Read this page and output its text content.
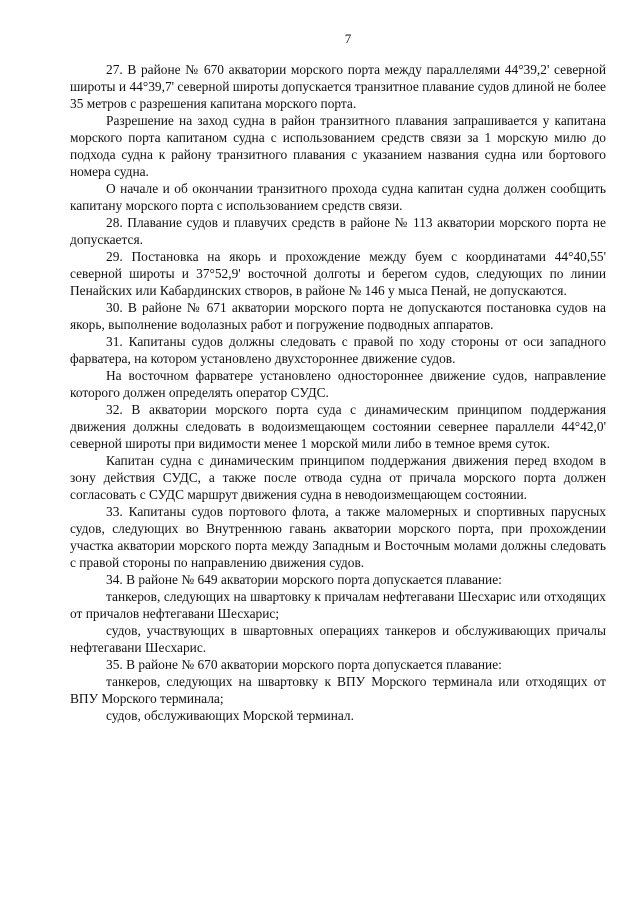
7

27. В районе № 670 акватории морского порта между параллелями 44°39,2' северной широты и 44°39,7' северной широты допускается транзитное плавание судов длиной не более 35 метров с разрешения капитана морского порта.

Разрешение на заход судна в район транзитного плавания запрашивается у капитана морского порта капитаном судна с использованием средств связи за 1 морскую милю до подхода судна к району транзитного плавания с указанием названия судна или бортового номера судна.

О начале и об окончании транзитного прохода судна капитан судна должен сообщить капитану морского порта с использованием средств связи.

28. Плавание судов и плавучих средств в районе № 113 акватории морского порта не допускается.

29. Постановка на якорь и прохождение между буем с координатами 44°40,55' северной широты и 37°52,9' восточной долготы и берегом судов, следующих по линии Пенайских или Кабардинских створов, в районе № 146 у мыса Пенай, не допускаются.

30. В районе № 671 акватории морского порта не допускаются постановка судов на якорь, выполнение водолазных работ и погружение подводных аппаратов.

31. Капитаны судов должны следовать с правой по ходу стороны от оси западного фарватера, на котором установлено двухстороннее движение судов.

На восточном фарватере установлено одностороннее движение судов, направление которого должен определять оператор СУДС.

32. В акватории морского порта суда с динамическим принципом поддержания движения должны следовать в водоизмещающем состоянии севернее параллели 44°42,0' северной широты при видимости менее 1 морской мили либо в темное время суток.

Капитан судна с динамическим принципом поддержания движения перед входом в зону действия СУДС, а также после отвода судна от причала морского порта должен согласовать с СУДС маршрут движения судна в неводоизмещающем состоянии.

33. Капитаны судов портового флота, а также маломерных и спортивных парусных судов, следующих во Внутреннюю гавань акватории морского порта, при прохождении участка акватории морского порта между Западным и Восточным молами должны следовать с правой стороны по направлению движения судов.

34. В районе № 649 акватории морского порта допускается плавание:

танкеров, следующих на швартовку к причалам нефтегавани Шесхарис или отходящих от причалов нефтегавани Шесхарис;

судов, участвующих в швартовных операциях танкеров и обслуживающих причалы нефтегавани Шесхарис.

35. В районе № 670 акватории морского порта допускается плавание:

танкеров, следующих на швартовку к ВПУ Морского терминала или отходящих от ВПУ Морского терминала;

судов, обслуживающих Морской терминал.
